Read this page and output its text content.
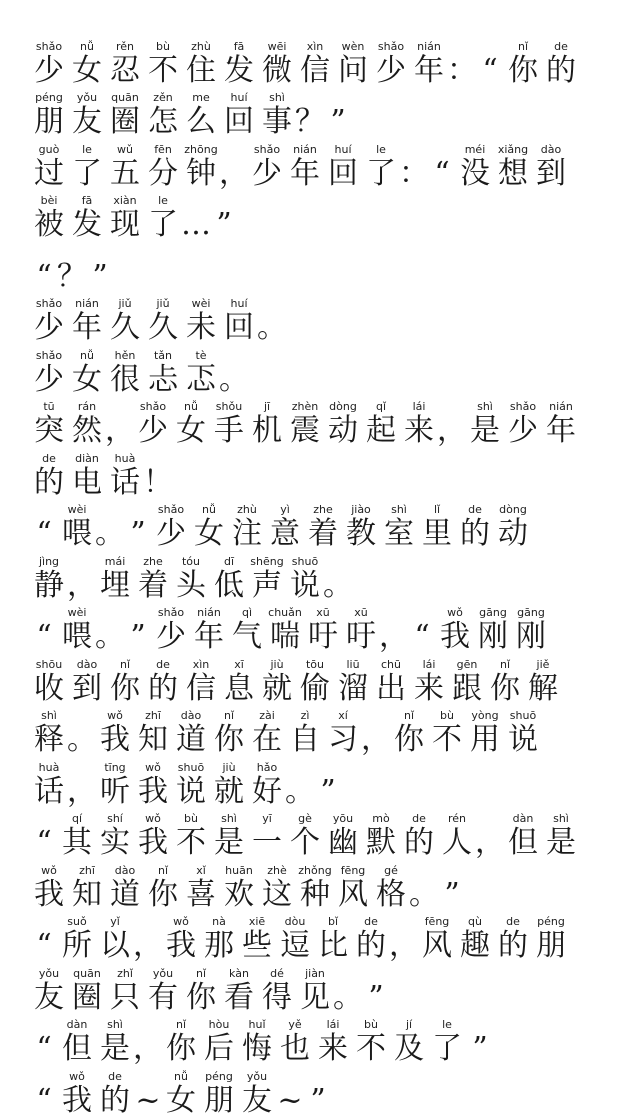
shǎo
少
nǚ
女
rěn
忍
bù
不
zhù
住
fā
发
wēi
微
xìn
信
wèn
问
shǎo
少
nián
年 ： “
nǐ
你
de
的
péng
朋
yǒu
友
quān
圈
zěn
怎
me
么
huí
回
shì
事 ？ ”
guò
过
le
了
wǔ
五
fēn
分
zhōng
钟 ，
shǎo
少
nián
年
huí
回
le
了 ： “
méi
没
xiǎng
想
dào
到
bèi
被
fā
发
xiàn
现
le
了 … ”
“ ？ ”
shǎo
少
nián
年
jiǔ
久
jiǔ
久
wèi
未
huí
回 。
shǎo
少
nǚ
女
hěn
很
tǎn
忐
tè
忑 。
tū
突
rán
然 ，
shǎo
少
nǚ
女
shǒu
手
jī
机
zhèn
震
dòng
动
qǐ
起
lái
来 ，
shì
是
shǎo
少
nián
年
de
的
diàn
电
huà
话 ！
“
wèi
喂 。 ”
shǎo
少
nǚ
女
zhù
注
yì
意
zhe
着
jiào
教
shì
室
lǐ
里
de
的
dòng
动
jìng
静 ，
mái
埋
zhe
着
tóu
头
dī
低
shēng
声
shuō
说 。
“
wèi
喂 。 ”
shǎo
少
nián
年
qì
气
chuǎn
喘
xū
吁
xū
吁 ， “
wǒ
我
gāng
刚
gāng
刚
shōu
收
dào
到
nǐ
你
de
的
xìn
信
xī
息
jiù
就
tōu
偷
liū
溜
chū
出
lái
来
gēn
跟
nǐ
你
jiě
解
shì
释 。
wǒ
我
zhī
知
dào
道
nǐ
你
zài
在
zì
自
xí
习 ，
nǐ
你
bù
不
yòng
用
shuō
说
huà
话 ，
tīng
听
wǒ
我
shuō
说
jiù
就
hǎo
好 。 ”
“
qí
其
shí
实
wǒ
我
bù
不
shì
是
yī
一
gè
个
yōu
幽
mò
默
de
的
rén
人 ，
dàn
但
shì
是
wǒ
我
zhī
知
dào
道
nǐ
你
xǐ
喜
huān
欢
zhè
这
zhǒng
种
fēng
风
gé
格 。 ”
“
suǒ
所
yǐ
以 ，
wǒ
我
nà
那
xiē
些
dòu
逗
bǐ
比
de
的 ，
fēng
风
qù
趣
de
的
péng
朋
yǒu
友
quān
圈
zhǐ
只
yǒu
有
nǐ
你
kàn
看
dé
得
jiàn
见 。 ”
“
dàn
但
shì
是 ，
nǐ
你
hòu
后
huǐ
悔
yě
也
lái
来
bù
不
jí
及
le
了 ”
“
wǒ
我
de
的 ~
nǚ
女
péng
朋
yǒu
友 ~ ”
